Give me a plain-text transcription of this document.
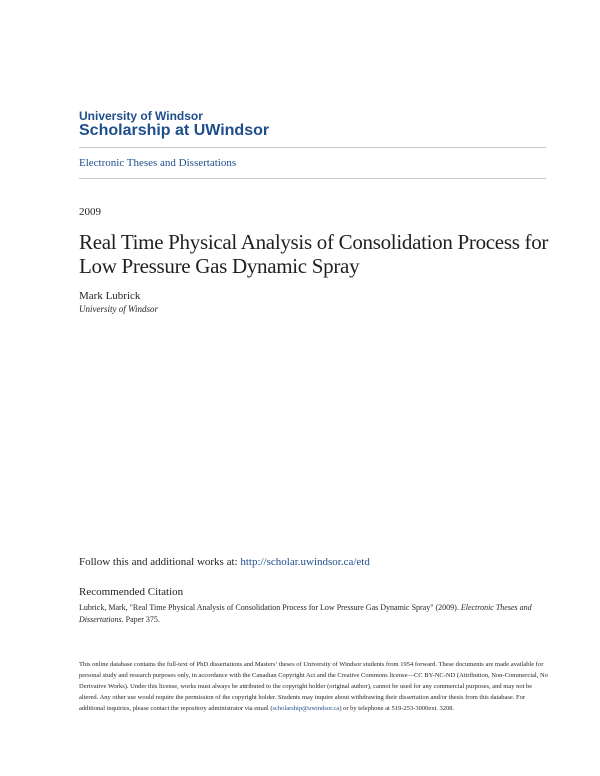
University of Windsor
Scholarship at UWindsor
Electronic Theses and Dissertations
2009
Real Time Physical Analysis of Consolidation Process for Low Pressure Gas Dynamic Spray
Mark Lubrick
University of Windsor
Follow this and additional works at: http://scholar.uwindsor.ca/etd
Recommended Citation
Lubrick, Mark, "Real Time Physical Analysis of Consolidation Process for Low Pressure Gas Dynamic Spray" (2009). Electronic Theses and Dissertations. Paper 375.
This online database contains the full-text of PhD dissertations and Masters’ theses of University of Windsor students from 1954 forward. These documents are made available for personal study and research purposes only, in accordance with the Canadian Copyright Act and the Creative Commons license—CC BY-NC-ND (Attribution, Non-Commercial, No Derivative Works). Under this license, works must always be attributed to the copyright holder (original author), cannot be used for any commercial purposes, and may not be altered. Any other use would require the permission of the copyright holder. Students may inquire about withdrawing their dissertation and/or thesis from this database. For additional inquiries, please contact the repository administrator via email (scholarship@uwindsor.ca) or by telephone at 519-253-3000ext. 3208.
